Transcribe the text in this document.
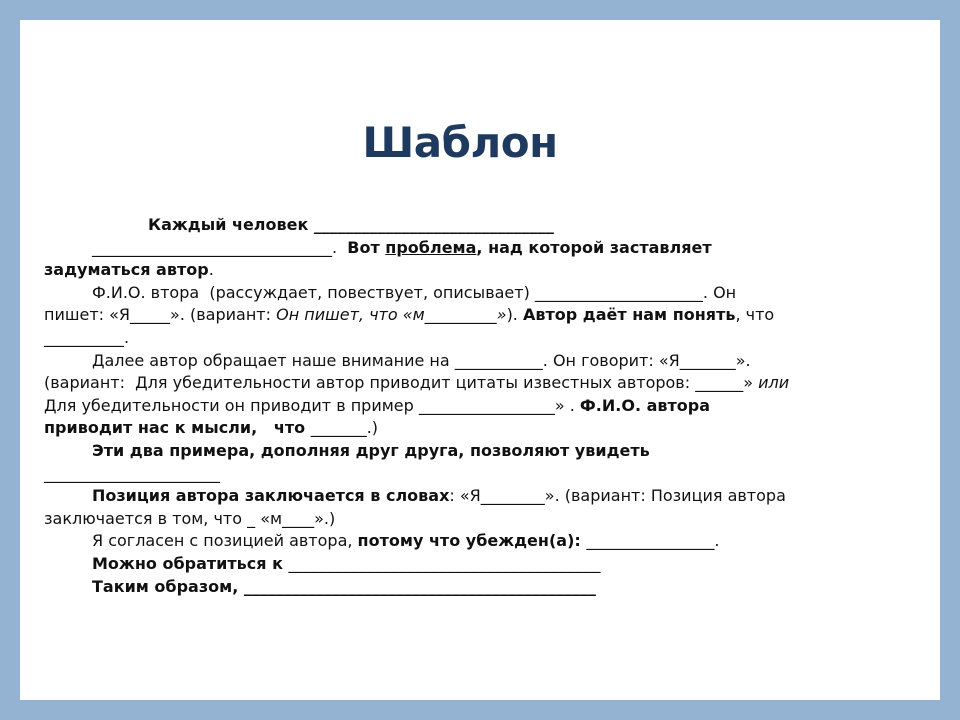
Шаблон
Каждый человек ______________________________
______________________________.  Вот проблема, над которой заставляет
задуматься автор.
Ф.И.О. втора  (рассуждает, повествует, описывает) _____________________. Он
пишет: «Я_____». (вариант: Он пишет, что «м_________»). Автор даёт нам понять, что
__________.
Далее автор обращает наше внимание на ___________. Он говорит: «Я_______».
(вариант:  Для убедительности автор приводит цитаты известных авторов: ______» или
Для убедительности он приводит в пример _________________» . Ф.И.О. автора
приводит нас к мысли,   что _______.)
Эти два примера, дополняя друг друга, позволяют увидеть
______________________
Позиция автора заключается в словах: «Я________». (вариант: Позиция автора
заключается в том, что _ «м____».)
Я согласен с позицией автора, потому что убежден(а): ________________.
Можно обратиться к _______________________________________
Таким образом, ____________________________________________
